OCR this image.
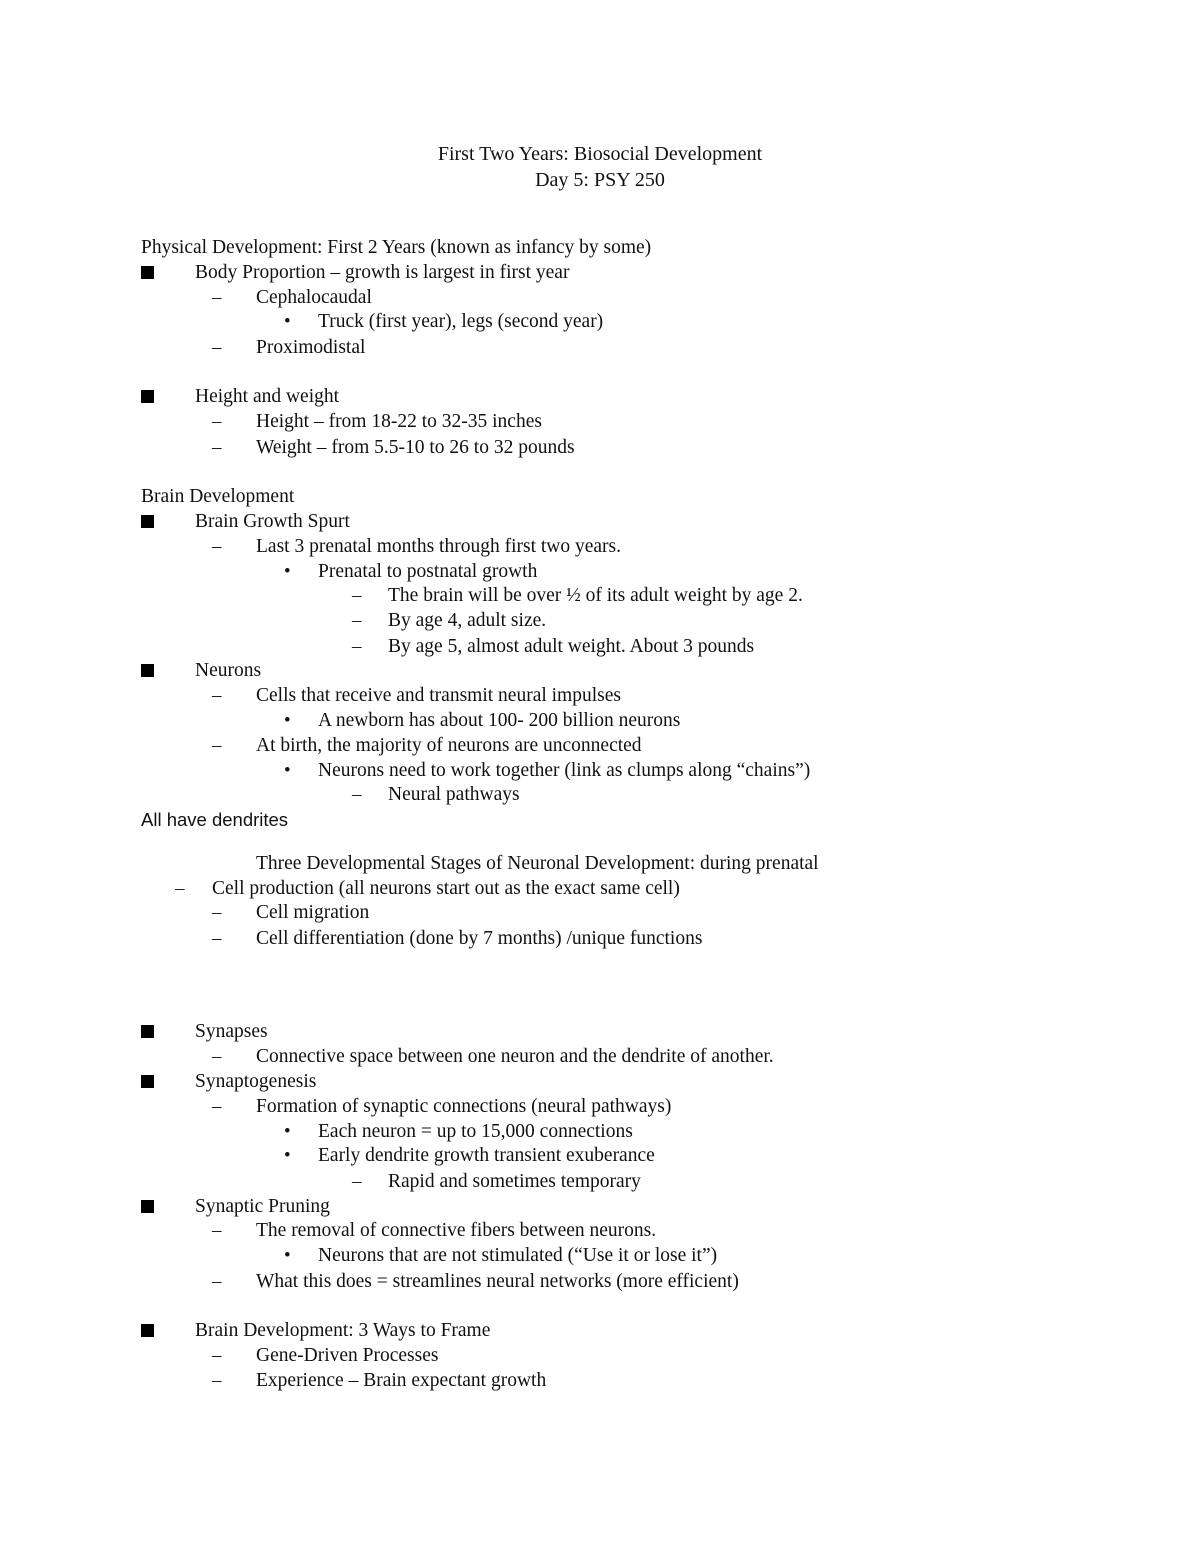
First Two Years: Biosocial Development
Day 5: PSY 250
Physical Development: First 2 Years (known as infancy by some)
Body Proportion – growth is largest in first year
– Cephalocaudal
• Truck (first year), legs (second year)
– Proximodistal
Height and weight
– Height – from 18-22 to 32-35 inches
– Weight – from 5.5-10 to 26 to 32 pounds
Brain Development
Brain Growth Spurt
– Last 3 prenatal months through first two years.
• Prenatal to postnatal growth
– The brain will be over ½ of its adult weight by age 2.
– By age 4, adult size.
– By age 5, almost adult weight. About 3 pounds
Neurons
– Cells that receive and transmit neural impulses
• A newborn has about 100- 200 billion neurons
– At birth, the majority of neurons are unconnected
• Neurons need to work together (link as clumps along “chains”)
– Neural pathways
All have dendrites
Three Developmental Stages of Neuronal Development: during prenatal
– Cell production (all neurons start out as the exact same cell)
– Cell migration
– Cell differentiation (done by 7 months) /unique functions
Synapses
– Connective space between one neuron and the dendrite of another.
Synaptogenesis
– Formation of synaptic connections (neural pathways)
• Each neuron = up to 15,000 connections
• Early dendrite growth transient exuberance
– Rapid and sometimes temporary
Synaptic Pruning
– The removal of connective fibers between neurons.
• Neurons that are not stimulated (“Use it or lose it”)
– What this does = streamlines neural networks (more efficient)
Brain Development: 3 Ways to Frame
– Gene-Driven Processes
– Experience – Brain expectant growth
